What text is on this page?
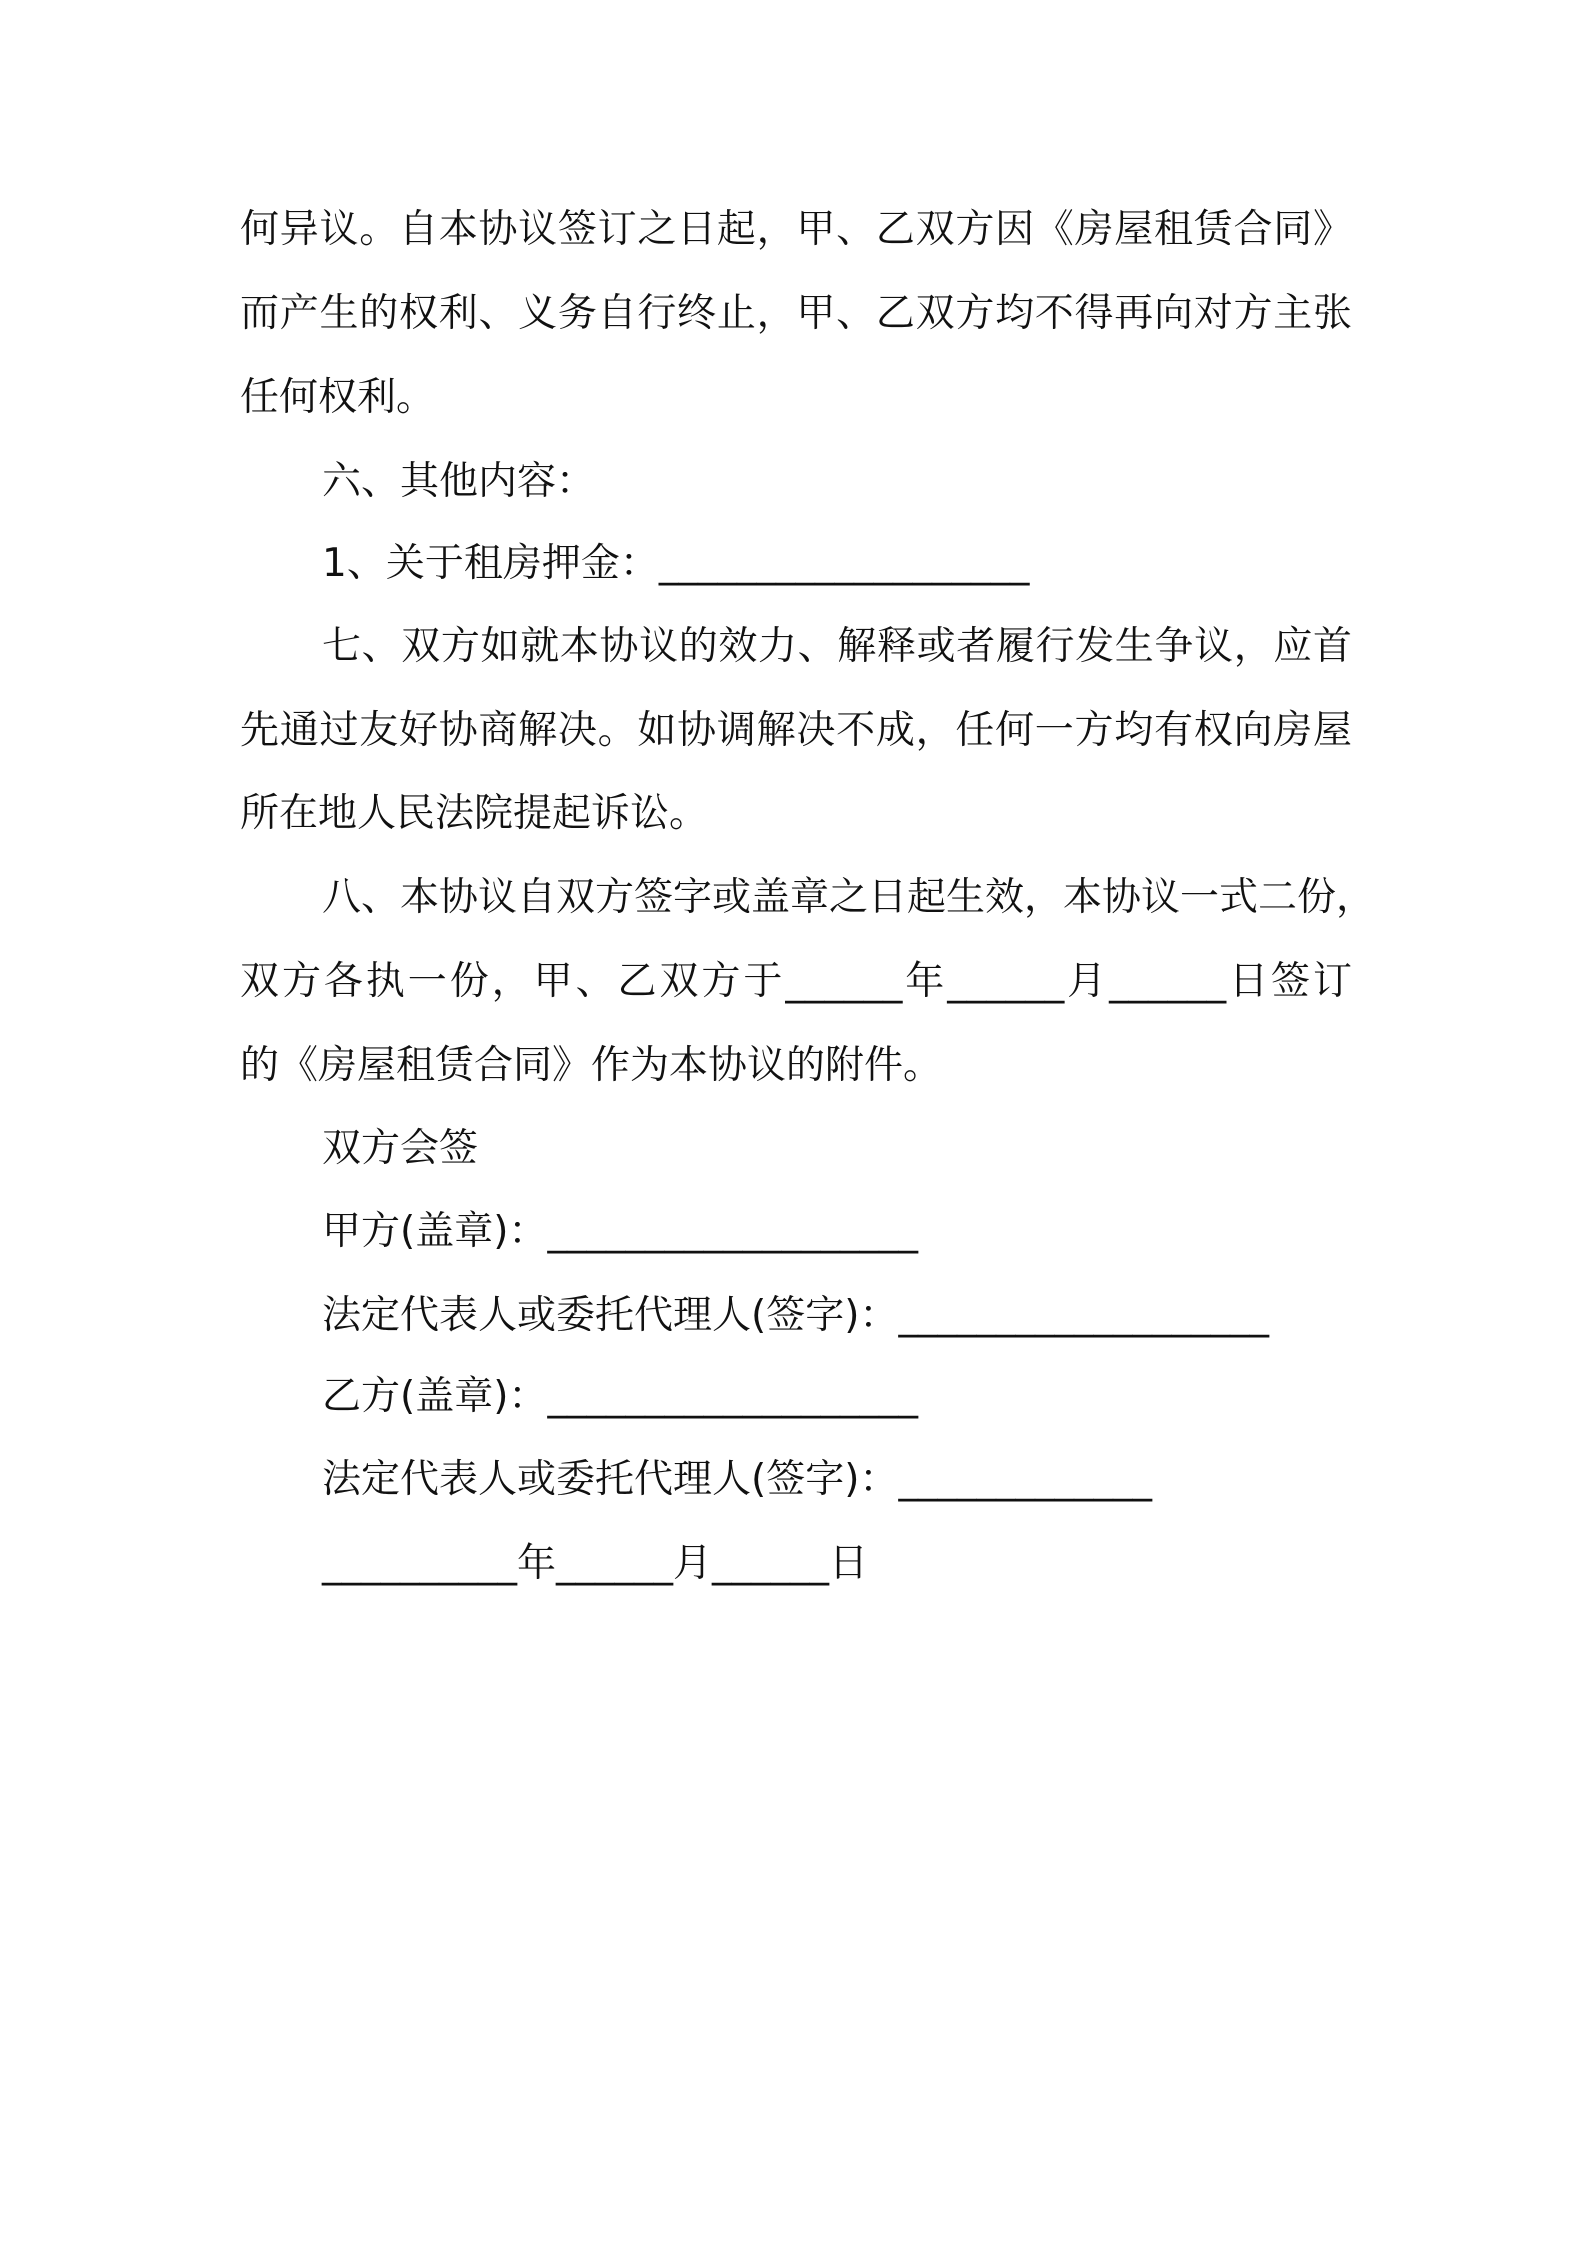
何异议。自本协议签订之日起，甲、乙双方因《房屋租赁合同》
而产生的权利、义务自行终止，甲、乙双方均不得再向对方主张
任何权利。
六、其他内容：
1、关于租房押金：___________________
七、双方如就本协议的效力、解释或者履行发生争议，应首
先通过友好协商解决。如协调解决不成，任何一方均有权向房屋
所在地人民法院提起诉讼。
八、本协议自双方签字或盖章之日起生效，本协议一式二份，
双方各执一份，甲、乙双方于______年______月______日签订
的《房屋租赁合同》作为本协议的附件。
双方会签
甲方(盖章)：___________________
法定代表人或委托代理人(签字)：___________________
乙方(盖章)：___________________
法定代表人或委托代理人(签字)：_____________
__________年______月______日
